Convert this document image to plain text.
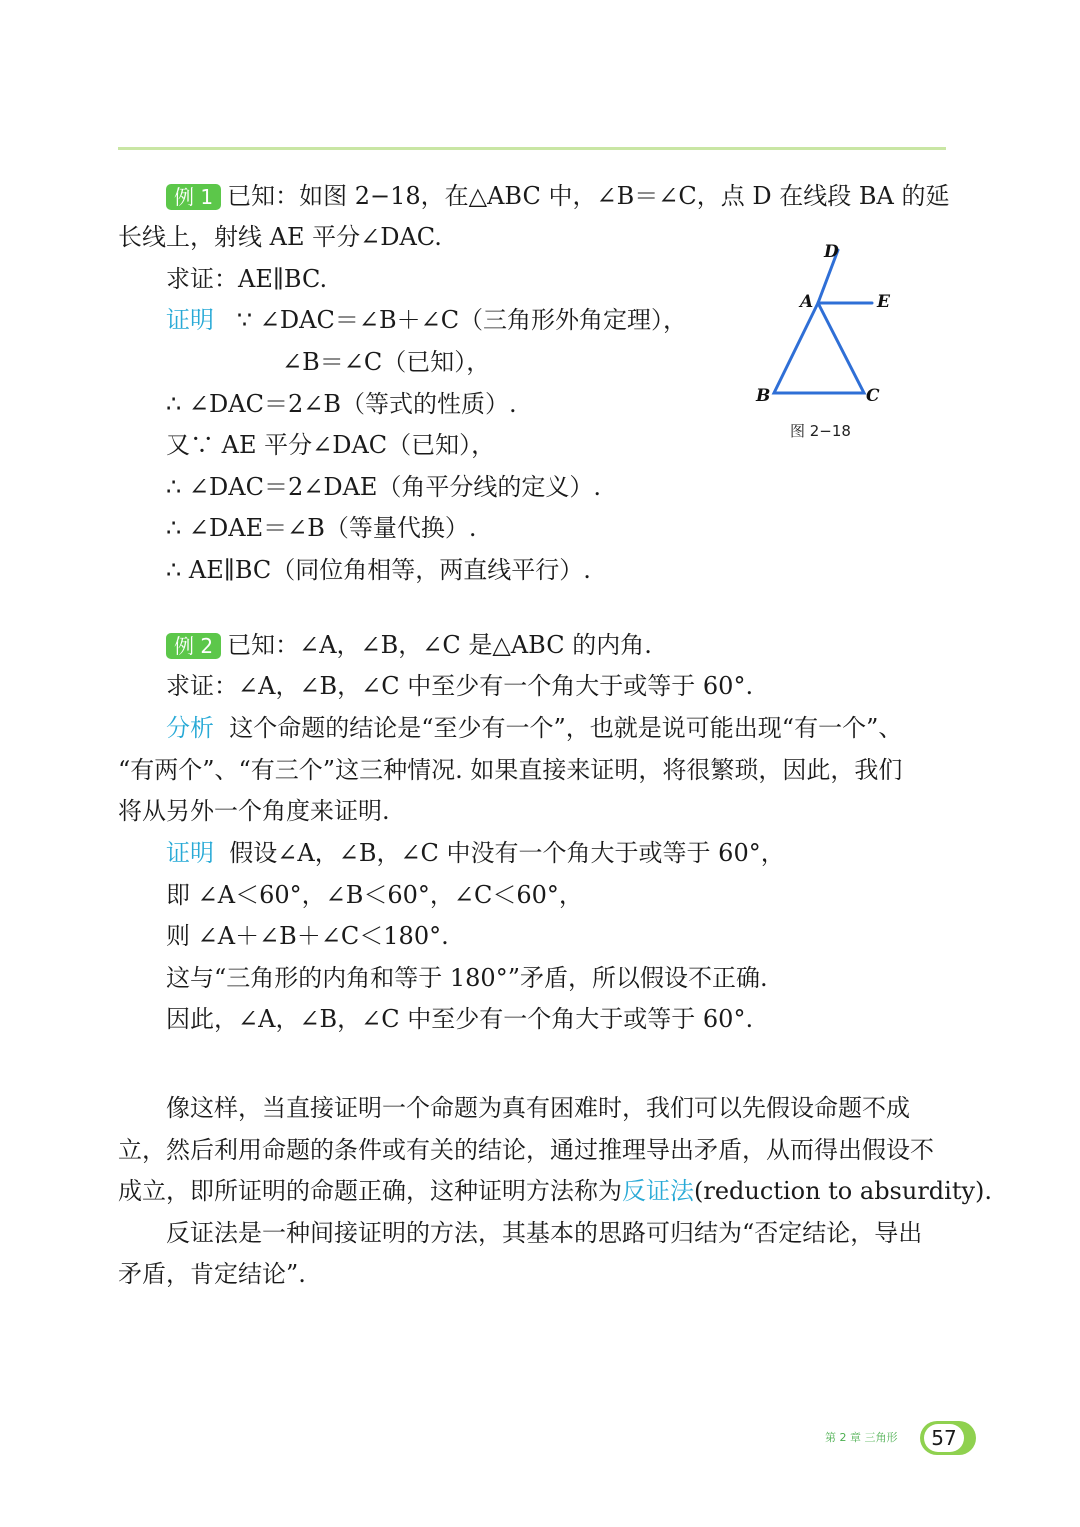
例 1 已知：如图 2−18，在△ABC 中，∠B＝∠C，点 D 在线段 BA 的延
长线上，射线 AE 平分∠DAC.
求证：AE∥BC.
证明 ∵ ∠DAC＝∠B＋∠C（三角形外角定理），
∠B＝∠C（已知），
∴ ∠DAC＝2∠B（等式的性质）.
又∵ AE 平分∠DAC（已知），
∴ ∠DAC＝2∠DAE（角平分线的定义）.
∴ ∠DAE＝∠B（等量代换）.
∴ AE∥BC（同位角相等，两直线平行）.
D
A	E
B	C
图 2−18
例 2 已知：∠A，∠B，∠C 是△ABC 的内角.
求证：∠A，∠B，∠C 中至少有一个角大于或等于 60°.
分析 这个命题的结论是“至少有一个”，也就是说可能出现“有一个”、
“有两个”、“有三个”这三种情况. 如果直接来证明，将很繁琐，因此，我们
将从另外一个角度来证明.
证明 假设∠A，∠B，∠C 中没有一个角大于或等于 60°，
即 ∠A＜60°，∠B＜60°，∠C＜60°，
则 ∠A＋∠B＋∠C＜180°.
这与“三角形的内角和等于 180°”矛盾，所以假设不正确.
因此，∠A，∠B，∠C 中至少有一个角大于或等于 60°.
像这样，当直接证明一个命题为真有困难时，我们可以先假设命题不成
立，然后利用命题的条件或有关的结论，通过推理导出矛盾，从而得出假设不
成立，即所证明的命题正确，这种证明方法称为反证法(reduction to absurdity).
反证法是一种间接证明的方法，其基本的思路可归结为“否定结论，导出
矛盾，肯定结论”.
第 2 章 三角形	57
